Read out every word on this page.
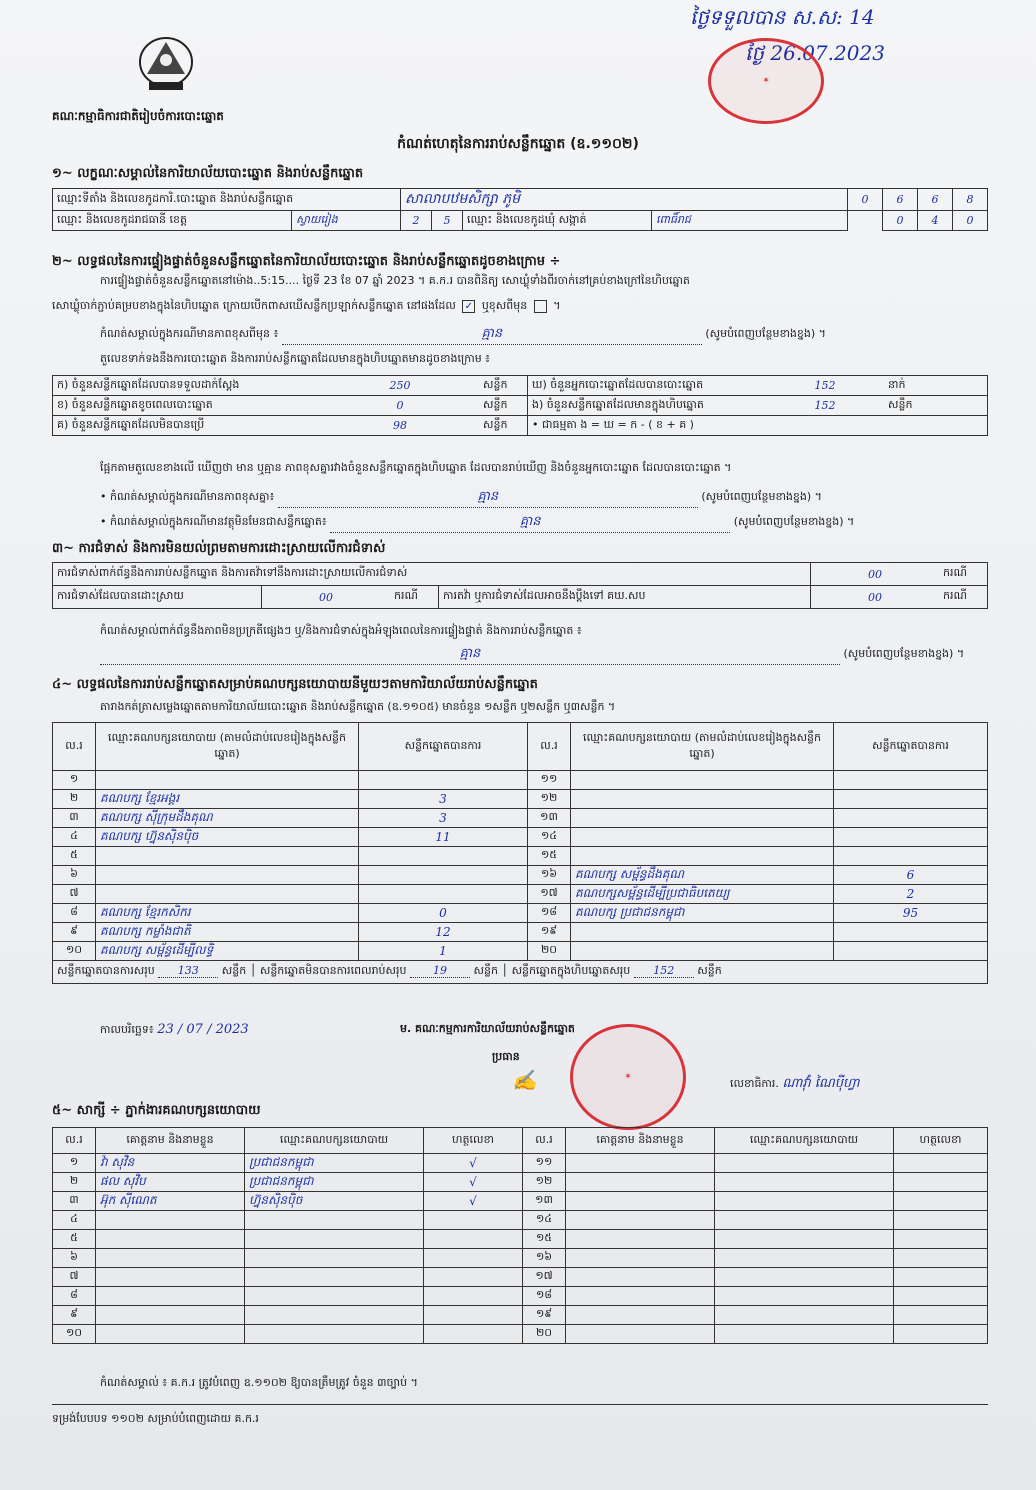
ថ្ងៃទទួលបាន ស.ស: 14
ថ្ងៃ 26.07.2023
គណៈកម្មាធិការជាតិរៀបចំការបោះឆ្នោត
✶
កំណត់ហេតុនៃការរាប់សន្លឹកឆ្នោត (ឧ.១១០២)
១~ លក្ខណៈសម្គាល់នៃការិយាល័យបោះឆ្នោត និងរាប់សន្លឹកឆ្នោត
ឈ្មោះទីតាំង និងលេខកូដការិ.បោះឆ្នោត និងរាប់សន្លឹកឆ្នោត		សាលាបឋមសិក្សា ភូមិ				0	6	6	8
ឈ្មោះ និងលេខកូដរាជធានី ខេត្ត	ស្វាយរៀង	2	5	ឈ្មោះ និងលេខកូដឃុំ សង្កាត់	ពោធិ៍រាជ		0	4	0
២~ លទ្ធផលនៃការផ្ទៀងផ្ទាត់ចំនួនសន្លឹកឆ្នោតនៃការិយាល័យបោះឆ្នោត និងរាប់សន្លឹកឆ្នោតដូចខាងក្រោម ÷
ការផ្ទៀងផ្ទាត់ចំនួនសន្លឹកឆ្នោតនៅម៉ោង..5:15.... ថ្ងៃទី 23 ខែ 07 ឆ្នាំ 2023 ។ គ.ក.រ បានពិនិត្យ សោឃ្លុំទាំងពីរចាក់នៅគ្រប់ខាងក្រៅនៃហិបឆ្នោត
សោឃ្លុំចាក់ភ្ជាប់គម្របខាងក្នុងនៃហិបឆ្នោត ក្រោយបើកពាសឃើសន្លឹកប្រឡាក់សន្លឹកឆ្នោត នៅផងដែល ✓ ឬខុសពីមុន  ។
កំណត់សម្គាល់ក្នុងករណីមានភាពខុសពីមុន ៖	គ្មាន	(សូមបំពេញបន្ថែមខាងខ្នង) ។
តួលេខទាក់ទងនឹងការបោះឆ្នោត និងការរាប់សន្លឹកឆ្នោតដែលមានក្នុងហិបឆ្នោតមានដូចខាងក្រោម ៖
ក) ចំនួនសន្លឹកឆ្នោតដែលបានទទួលដាក់ស្តែង	250	សន្លឹក	ឃ) ចំនួនអ្នកបោះឆ្នោតដែលបានបោះឆ្នោត	152	នាក់
ខ) ចំនួនសន្លឹកឆ្នោតខូចពេលបោះឆ្នោត	0	សន្លឹក	ង) ចំនួនសន្លឹកឆ្នោតដែលមានក្នុងហិបឆ្នោត	152	សន្លឹក
គ) ចំនួនសន្លឹកឆ្នោតដែលមិនបានប្រើ	98	សន្លឹក	• ជាធម្មតា ង = ឃ = ក - ( ខ + គ )		
ផ្អែកតាមតួលេខខាងលើ ឃើញថា មាន ឬគ្មាន ភាពខុសគ្នារវាងចំនួនសន្លឹកឆ្នោតក្នុងហិបឆ្នោត ដែលបានរាប់ឃើញ និងចំនួនអ្នកបោះឆ្នោត ដែលបានបោះឆ្នោត ។
• កំណត់សម្គាល់ក្នុងករណីមានភាពខុសគ្នា៖	គ្មាន	(សូមបំពេញបន្ថែមខាងខ្នង) ។
• កំណត់សម្គាល់ក្នុងករណីមានវត្ថុមិនមែនជាសន្លឹកឆ្នោត៖	គ្មាន	(សូមបំពេញបន្ថែមខាងខ្នង) ។
៣~ ការជំទាស់ និងការមិនយល់ព្រមតាមការដោះស្រាយលើការជំទាស់
ការជំទាស់ពាក់ព័ន្ធនឹងការរាប់សន្លឹកឆ្នោត និងការតវ៉ាទៅនឹងការដោះស្រាយលើការជំទាស់				00	ករណី
ការជំទាស់ដែលបានដោះស្រាយ	00	ករណី	ការតវ៉ា ឬការជំទាស់ដែលអាចនឹងប្តឹងទៅ គឃ.សប	00	ករណី
កំណត់សម្គាល់ពាក់ព័ន្ធនឹងភាពមិនប្រក្រតីផ្សេងៗ ឬ/និងការជំទាស់ក្នុងអំឡុងពេលនៃការផ្ទៀងផ្ទាត់ និងការរាប់សន្លឹកឆ្នោត ៖
គ្មាន	(សូមបំពេញបន្ថែមខាងខ្នង) ។
៤~ លទ្ធផលនៃការរាប់សន្លឹកឆ្នោតសម្រាប់គណបក្សនយោបាយនីមួយៗតាមការិយាល័យរាប់សន្លឹកឆ្នោត
តារាងកត់ត្រាសម្លេងឆ្នោតតាមការិយាល័យបោះឆ្នោត និងរាប់សន្លឹកឆ្នោត (ឧ.១១០៥) មានចំនួន ១សន្លឹក ឬ២សន្លឹក ឬ៣សន្លឹក ។
ល.រ	ឈ្មោះគណបក្សនយោបាយ (តាមលំដាប់លេខរៀងក្នុងសន្លឹកឆ្នោត)	សន្លឹកឆ្នោតបានការ	ល.រ	ឈ្មោះគណបក្សនយោបាយ (តាមលំដាប់លេខរៀងក្នុងសន្លឹកឆ្នោត)	សន្លឹកឆ្នោតបានការ
១			១១		
២	គណបក្ស ខ្មែរអង្គរ	3	១២		
៣	គណបក្ស ស៊ីក្រុមដឹងគុណ	3	១៣		
៤	គណបក្ស ហ្វ៊ុនស៊ិនប៉ិច	11	១៤		
៥			១៥		
៦			១៦	គណបក្ស សម្ព័ន្ធដឹងគុណ	6
៧			១៧	គណបក្សសម្ព័ន្ធដើម្បីប្រជាធិបតេយ្យ	2
៨	គណបក្ស ខ្មែរកសិករ	0	១៨	គណបក្ស ប្រជាជនកម្ពុជា	95
៩	គណបក្ស កម្លាំងជាតិ	12	១៩		
១០	គណបក្ស សម្ព័ន្ធដើម្បីលទ្ធិ	1	២០		
សន្លឹកឆ្នោតបានការសរុប 133 សន្លឹក │ សន្លឹកឆ្នោតមិនបានការពេលរាប់សរុប 19 សន្លឹក │ សន្លឹកឆ្នោតក្នុងហិបឆ្នោតសរុប 152 សន្លឹក					
កាលបរិច្ឆេទ៖ 23 / 07 / 2023	ម. គណៈកម្មការការិយាល័យរាប់សន្លឹកឆ្នោត
ប្រធាន
✶	លេខាធិការ. ណាវ៉ាំ ណៃប៉ីហ្វា
✍
៥~ សាក្សី ÷ ភ្នាក់ងារគណបក្សនយោបាយ
ល.រ	គោត្តនាម និងនាមខ្លួន	ឈ្មោះគណបក្សនយោបាយ	ហត្ថលេខា	ល.រ	គោត្តនាម និងនាមខ្លួន	ឈ្មោះគណបក្សនយោបាយ	ហត្ថលេខា
១	វ៉ា សុវិន	ប្រជាជនកម្ពុជា	√	១១			
២	ផល សុវិប	ប្រជាជនកម្ពុជា	√	១២			
៣	អ៊ុក ស៊ីណេត	ហ្វ៊ុនស៊ិនប៉ិច	√	១៣			
៤				១៤			
៥				១៥			
៦				១៦			
៧				១៧			
៨				១៨			
៩				១៩			
១០				២០			
កំណត់សម្គាល់ ៖ គ.ក.រ ត្រូវបំពេញ ឧ.១១០២ ឱ្យបានត្រឹមត្រូវ ចំនួន ៣ច្បាប់ ។
ទម្រង់បែបបទ ១១០២ សម្រាប់បំពេញដោយ គ.ក.រ
